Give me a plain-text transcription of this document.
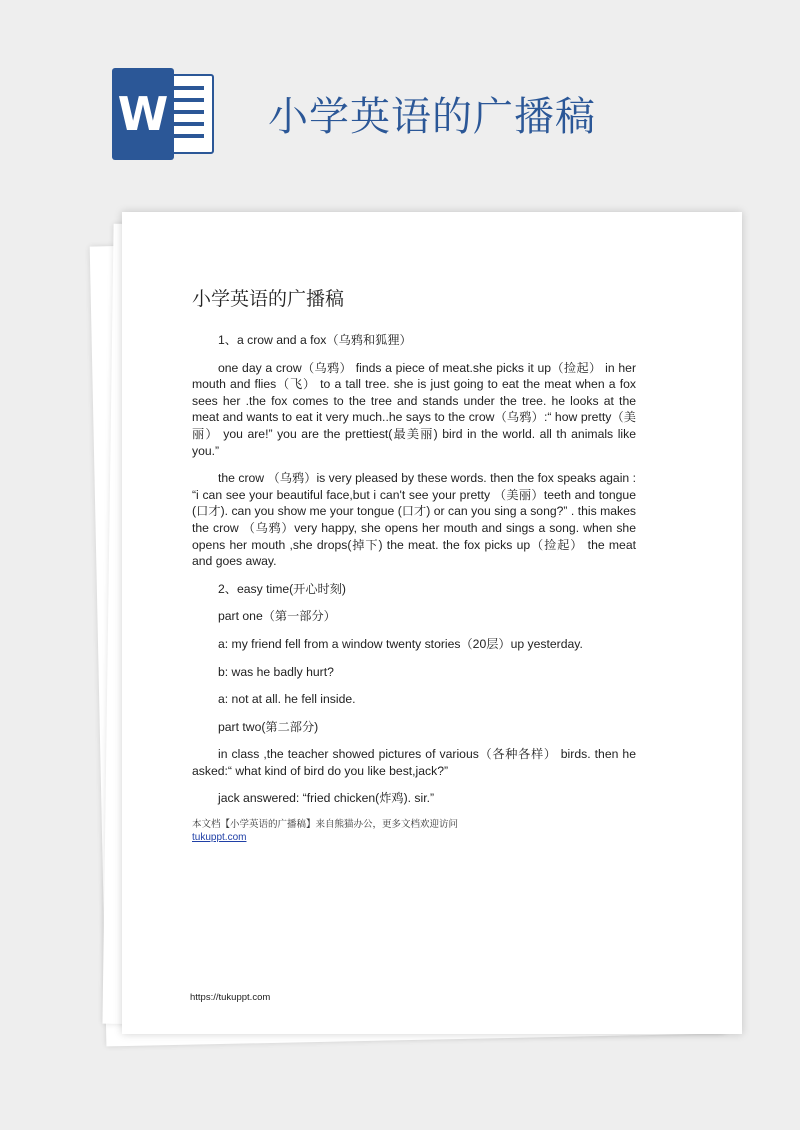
W 小学英语的广播稿
小学英语的广播稿

1、a crow and a fox（乌鸦和狐狸）

one day a crow（乌鸦） finds a piece of meat.she picks it up（捡起） in her mouth and flies（飞） to a tall tree. she is just going to eat the meat when a fox sees her .the fox comes to the tree and stands under the tree. he looks at the meat and wants to eat it very much..he says to the crow（乌鸦）:“ how pretty（美丽） you are!” you are the prettiest(最美丽) bird in the world. all th animals like you.”

the crow （乌鸦）is very pleased by these words. then the fox speaks again : “i can see your beautiful face,but i can't see your pretty （美丽）teeth and tongue (口才). can you show me your tongue (口才) or can you sing a song?” . this makes the crow （乌鸦）very happy, she opens her mouth and sings a song. when she opens her mouth ,she drops(掉下) the meat. the fox picks up（捡起） the meat and goes away.

2、easy time(开心时刻)

part one（第一部分）

a: my friend fell from a window twenty stories（20层）up yesterday.

b: was he badly hurt?

a: not at all. he fell inside.

part two(第二部分)

in class ,the teacher showed pictures of various（各种各样） birds. then he asked:“ what kind of bird do you like best,jack?”

jack answered: “fried chicken(炸鸡). sir.”

本文档【小学英语的广播稿】来自熊猫办公，更多文档欢迎访问
tukuppt.com
https://tukuppt.com
